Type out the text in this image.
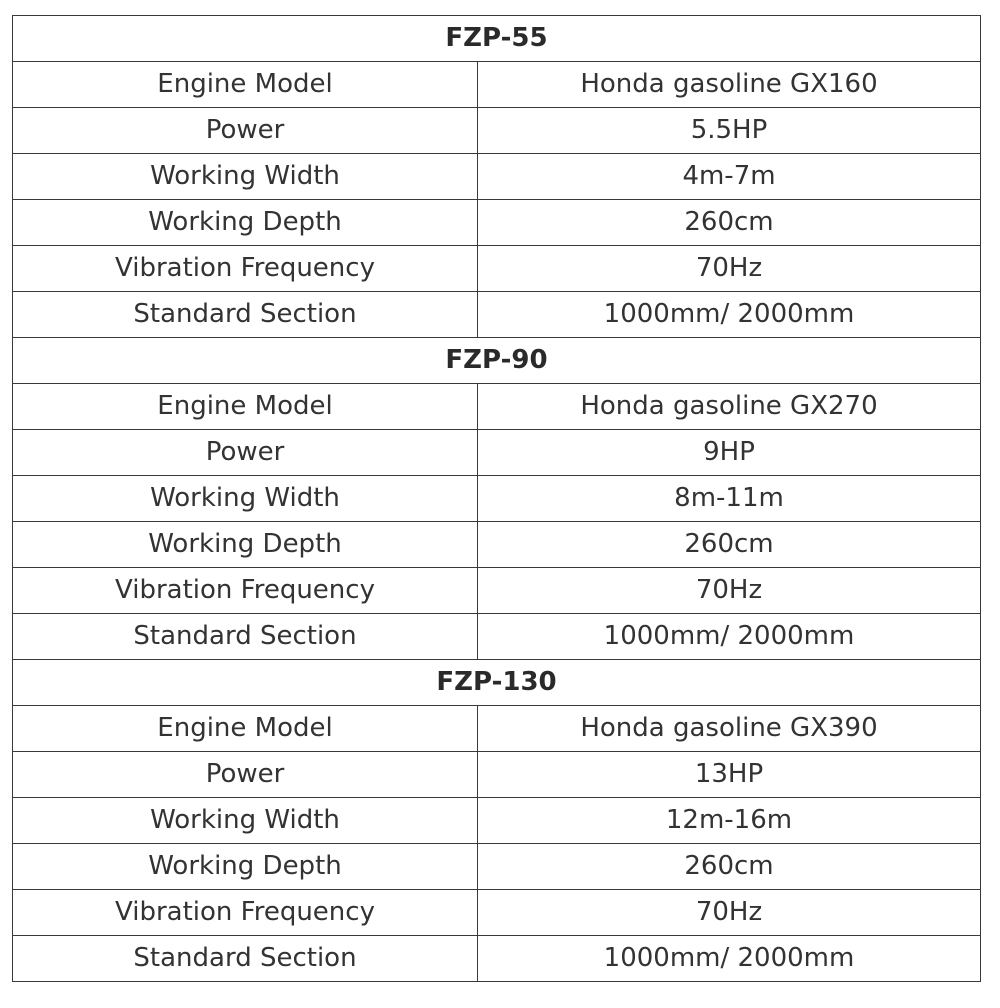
FZP-55	
Engine Model	Honda gasoline GX160
Power	5.5HP
Working Width	4m-7m
Working Depth	260cm
Vibration Frequency	70Hz
Standard Section	1000mm/ 2000mm
FZP-90	
Engine Model	Honda gasoline GX270
Power	9HP
Working Width	8m-11m
Working Depth	260cm
Vibration Frequency	70Hz
Standard Section	1000mm/ 2000mm
FZP-130	
Engine Model	Honda gasoline GX390
Power	13HP
Working Width	12m-16m
Working Depth	260cm
Vibration Frequency	70Hz
Standard Section	1000mm/ 2000mm
